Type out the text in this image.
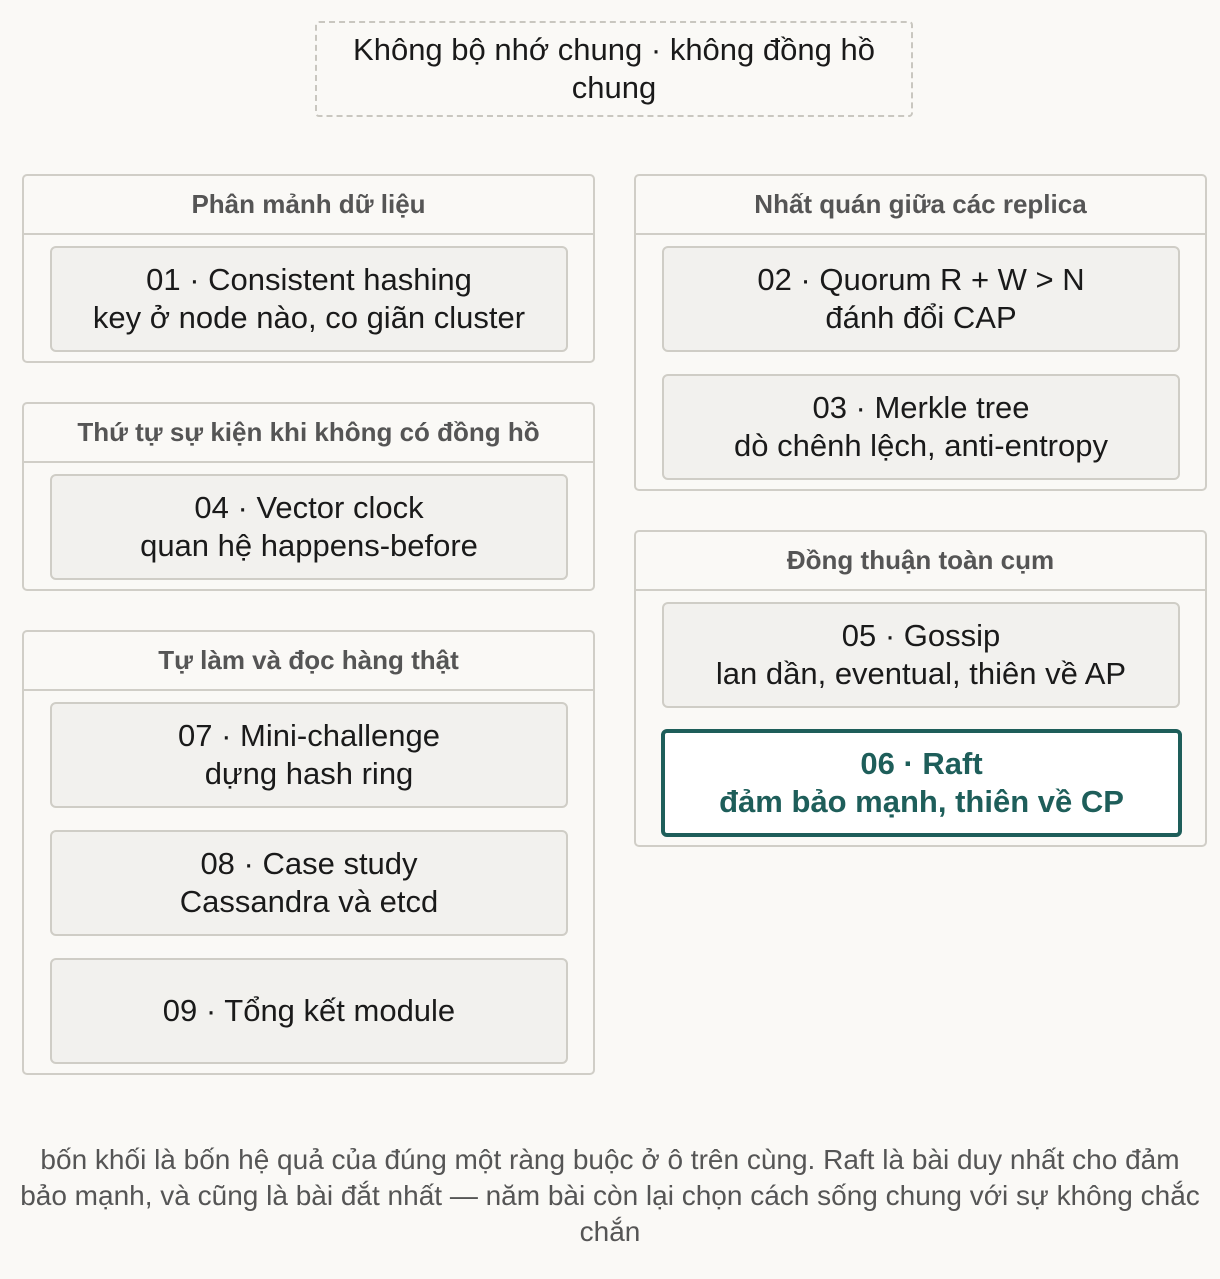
Không bộ nhớ chung · không đồng hồ chung
Phân mảnh dữ liệu
01 · Consistent hashing
key ở node nào, co giãn cluster
Thứ tự sự kiện khi không có đồng hồ
04 · Vector clock
quan hệ happens-before
Tự làm và đọc hàng thật
07 · Mini-challenge
dựng hash ring
08 · Case study
Cassandra và etcd
09 · Tổng kết module
Nhất quán giữa các replica
02 · Quorum R + W > N
đánh đổi CAP
03 · Merkle tree
dò chênh lệch, anti-entropy
Đồng thuận toàn cụm
05 · Gossip
lan dần, eventual, thiên về AP
06 · Raft
đảm bảo mạnh, thiên về CP
bốn khối là bốn hệ quả của đúng một ràng buộc ở ô trên cùng. Raft là bài duy nhất cho đảm bảo mạnh, và cũng là bài đắt nhất — năm bài còn lại chọn cách sống chung với sự không chắc chắn
